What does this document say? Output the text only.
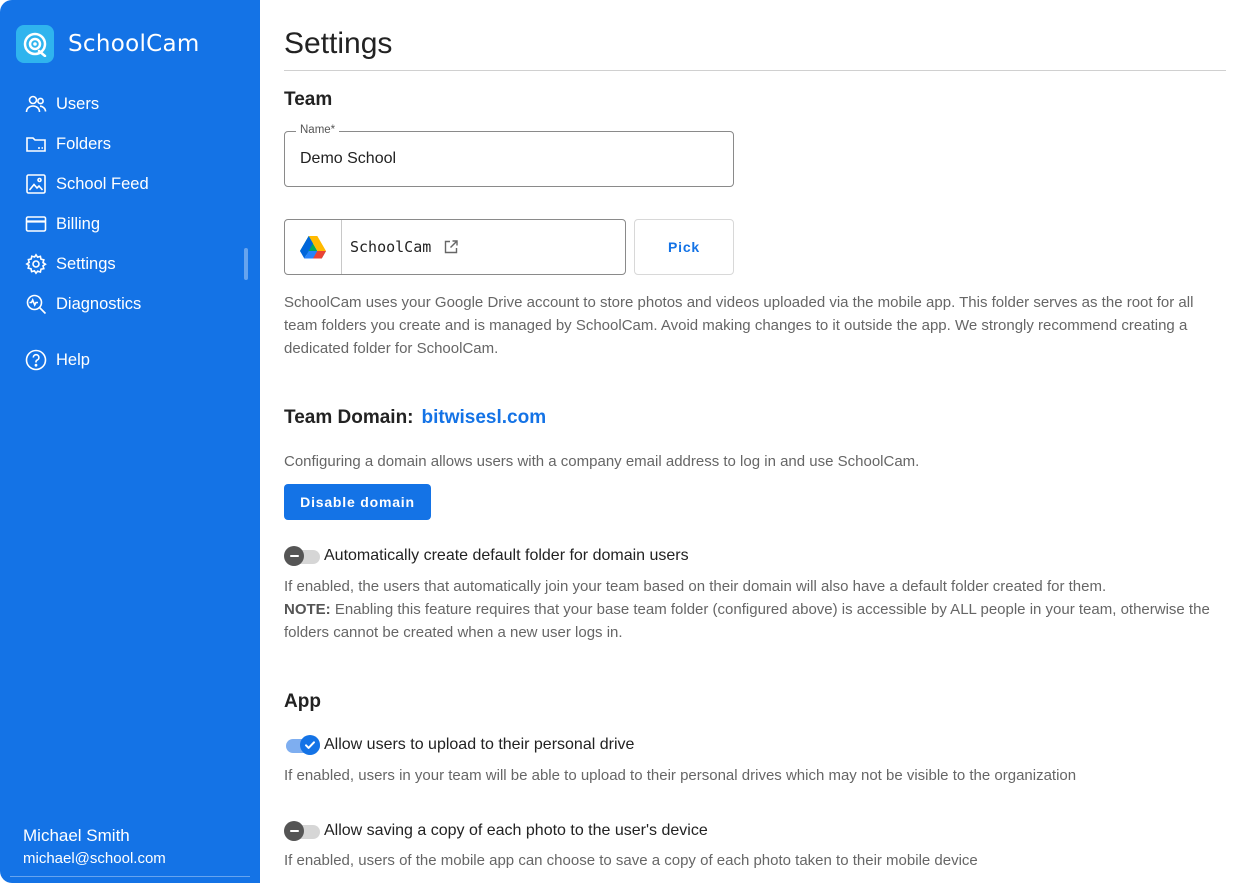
SchoolCam
Users
Folders
School Feed
Billing
Settings
Diagnostics
Help
Michael Smith
michael@school.com
Settings
Team
Name*
Demo School
SchoolCam	Pick

SchoolCam uses your Google Drive account to store photos and videos uploaded via the mobile app. This folder serves as the root for all team folders you create and is managed by SchoolCam. Avoid making changes to it outside the app. We strongly recommend creating a dedicated folder for SchoolCam.

Team Domain: bitwisesl.com

Configuring a domain allows users with a company email address to log in and use SchoolCam.

Disable domain
Automatically create default folder for domain users

If enabled, the users that automatically join your team based on their domain will also have a default folder created for them.
NOTE: Enabling this feature requires that your base team folder (configured above) is accessible by ALL people in your team, otherwise the folders cannot be created when a new user logs in.

App
Allow users to upload to their personal drive

If enabled, users in your team will be able to upload to their personal drives which may not be visible to the organization

Allow saving a copy of each photo to the user's device

If enabled, users of the mobile app can choose to save a copy of each photo taken to their mobile device
